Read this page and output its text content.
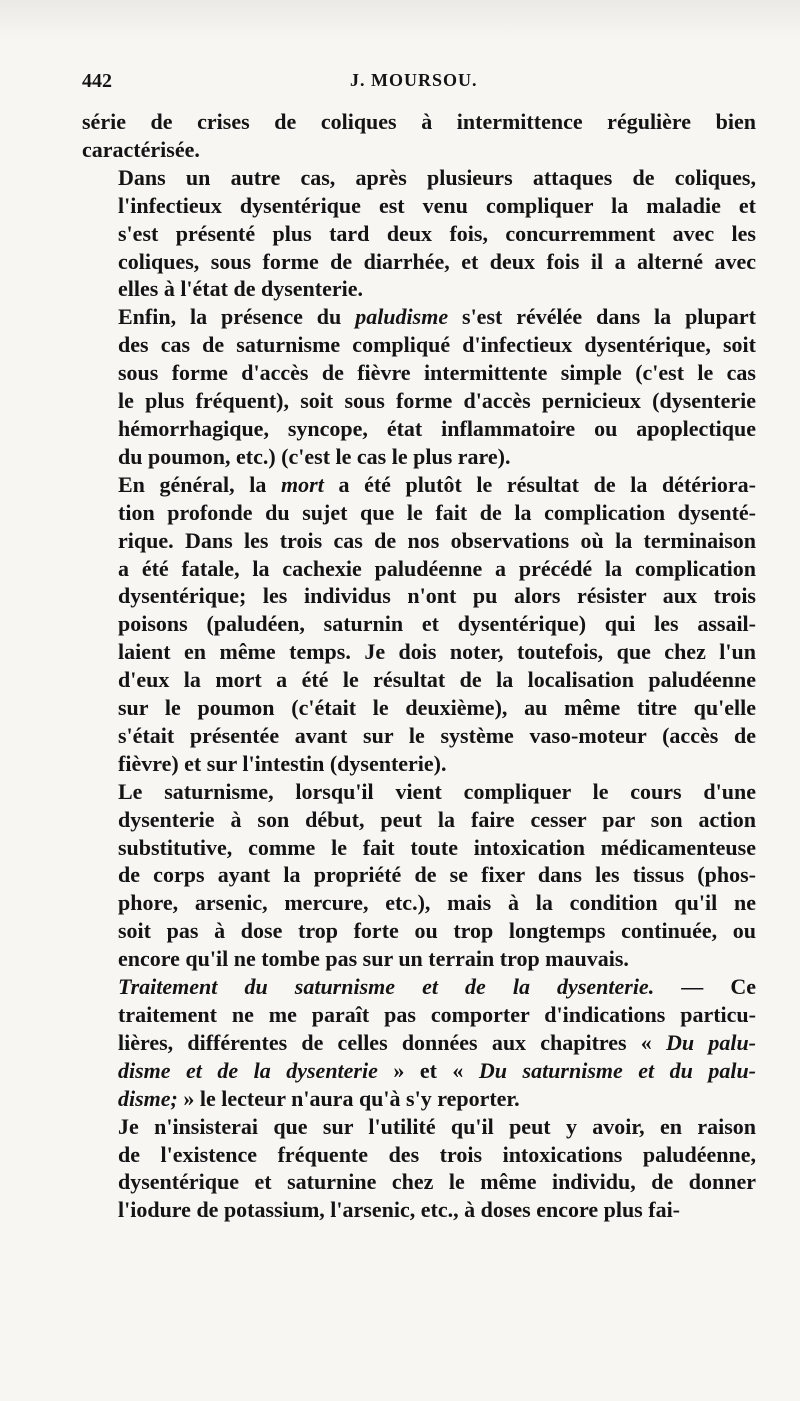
442	J. MOURSOU.

série de crises de coliques à intermittence régulière bien
caractérisée.

Dans un autre cas, après plusieurs attaques de coliques,
l'infectieux dysentérique est venu compliquer la maladie et
s'est présenté plus tard deux fois, concurremment avec les
coliques, sous forme de diarrhée, et deux fois il a alterné avec
elles à l'état de dysenterie.

Enfin, la présence du paludisme s'est révélée dans la plupart
des cas de saturnisme compliqué d'infectieux dysentérique, soit
sous forme d'accès de fièvre intermittente simple (c'est le cas
le plus fréquent), soit sous forme d'accès pernicieux (dysenterie
hémorrhagique, syncope, état inflammatoire ou apoplectique
du poumon, etc.) (c'est le cas le plus rare).

En général, la mort a été plutôt le résultat de la détériora-
tion profonde du sujet que le fait de la complication dysenté-
rique. Dans les trois cas de nos observations où la terminaison
a été fatale, la cachexie paludéenne a précédé la complication
dysentérique; les individus n'ont pu alors résister aux trois
poisons (paludéen, saturnin et dysentérique) qui les assail-
laient en même temps. Je dois noter, toutefois, que chez l'un
d'eux la mort a été le résultat de la localisation paludéenne
sur le poumon (c'était le deuxième), au même titre qu'elle
s'était présentée avant sur le système vaso-moteur (accès de
fièvre) et sur l'intestin (dysenterie).

Le saturnisme, lorsqu'il vient compliquer le cours d'une
dysenterie à son début, peut la faire cesser par son action
substitutive, comme le fait toute intoxication médicamenteuse
de corps ayant la propriété de se fixer dans les tissus (phos-
phore, arsenic, mercure, etc.), mais à la condition qu'il ne
soit pas à dose trop forte ou trop longtemps continuée, ou
encore qu'il ne tombe pas sur un terrain trop mauvais.

Traitement du saturnisme et de la dysenterie. — Ce
traitement ne me paraît pas comporter d'indications particu-
lières, différentes de celles données aux chapitres « Du palu-
disme et de la dysenterie » et « Du saturnisme et du palu-
disme; » le lecteur n'aura qu'à s'y reporter.

Je n'insisterai que sur l'utilité qu'il peut y avoir, en raison
de l'existence fréquente des trois intoxications paludéenne,
dysentérique et saturnine chez le même individu, de donner
l'iodure de potassium, l'arsenic, etc., à doses encore plus fai-
